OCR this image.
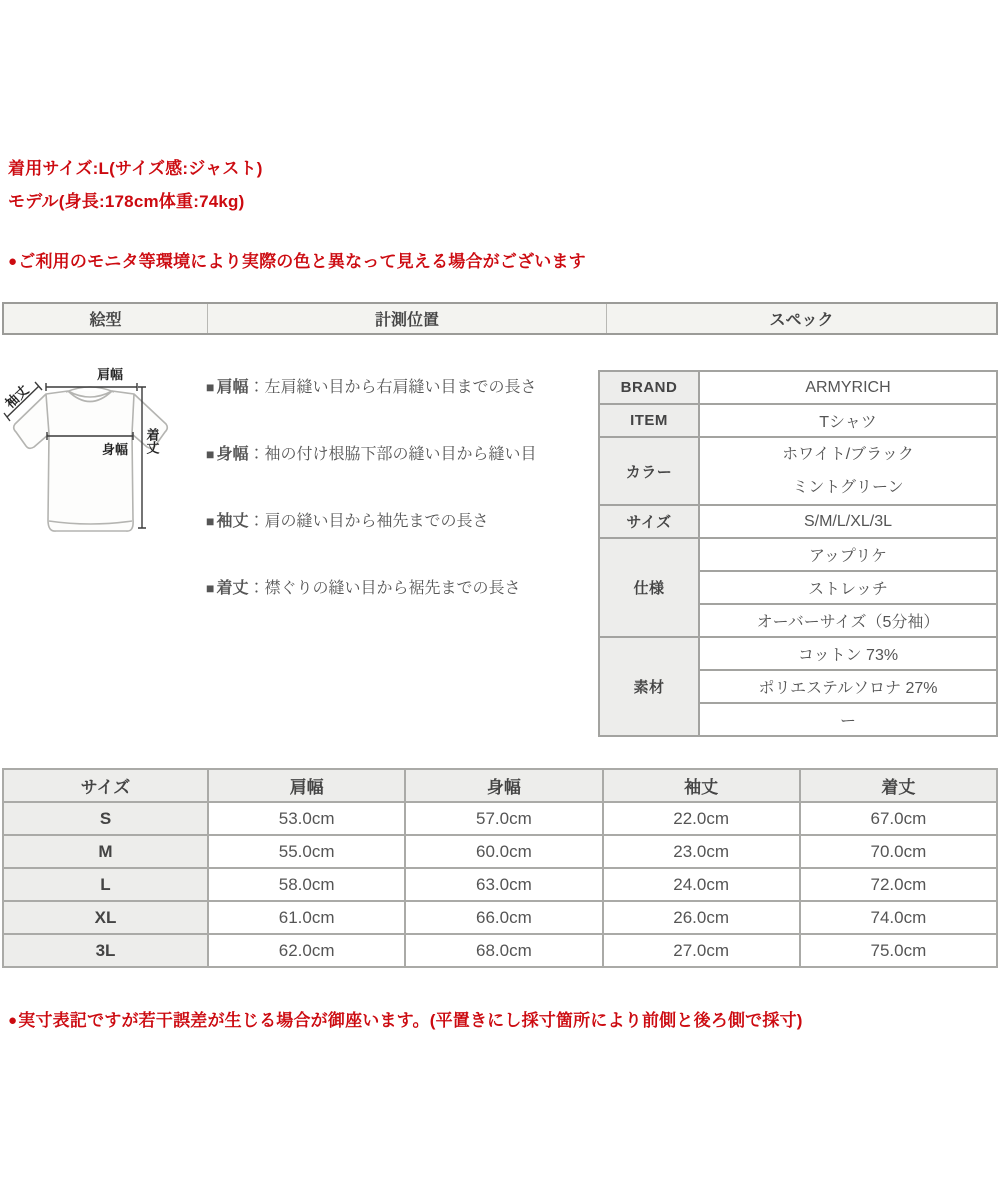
着用サイズ:L(サイズ感:ジャスト)
モデル(身長:178cm体重:74kg)
●ご利用のモニタ等環境により実際の色と異なって見える場合がございます
絵型	計測位置	スペック
肩幅
袖丈
身幅 着丈
■ 肩幅：左肩縫い目から右肩縫い目までの長さ
■ 身幅：袖の付け根脇下部の縫い目から縫い目
■ 袖丈：肩の縫い目から袖先までの長さ
■ 着丈：襟ぐりの縫い目から裾先までの長さ
BRAND	ARMYRICH
ITEM	Tシャツ
カラー	ホワイト/ブラック
ミントグリーン

サイズ	S/M/L/XL/3L
仕様	アップリケ
	ストレッチ
	オーバーサイズ（5分袖）
素材	コットン 73%
	ポリエステルソロナ 27%
	ー
サイズ	肩幅	身幅	袖丈	着丈
S	53.0cm	57.0cm	22.0cm	67.0cm
M	55.0cm	60.0cm	23.0cm	70.0cm
L	58.0cm	63.0cm	24.0cm	72.0cm
XL	61.0cm	66.0cm	26.0cm	74.0cm
3L	62.0cm	68.0cm	27.0cm	75.0cm
●実寸表記ですが若干誤差が生じる場合が御座います。(平置きにし採寸箇所により前側と後ろ側で採寸)
